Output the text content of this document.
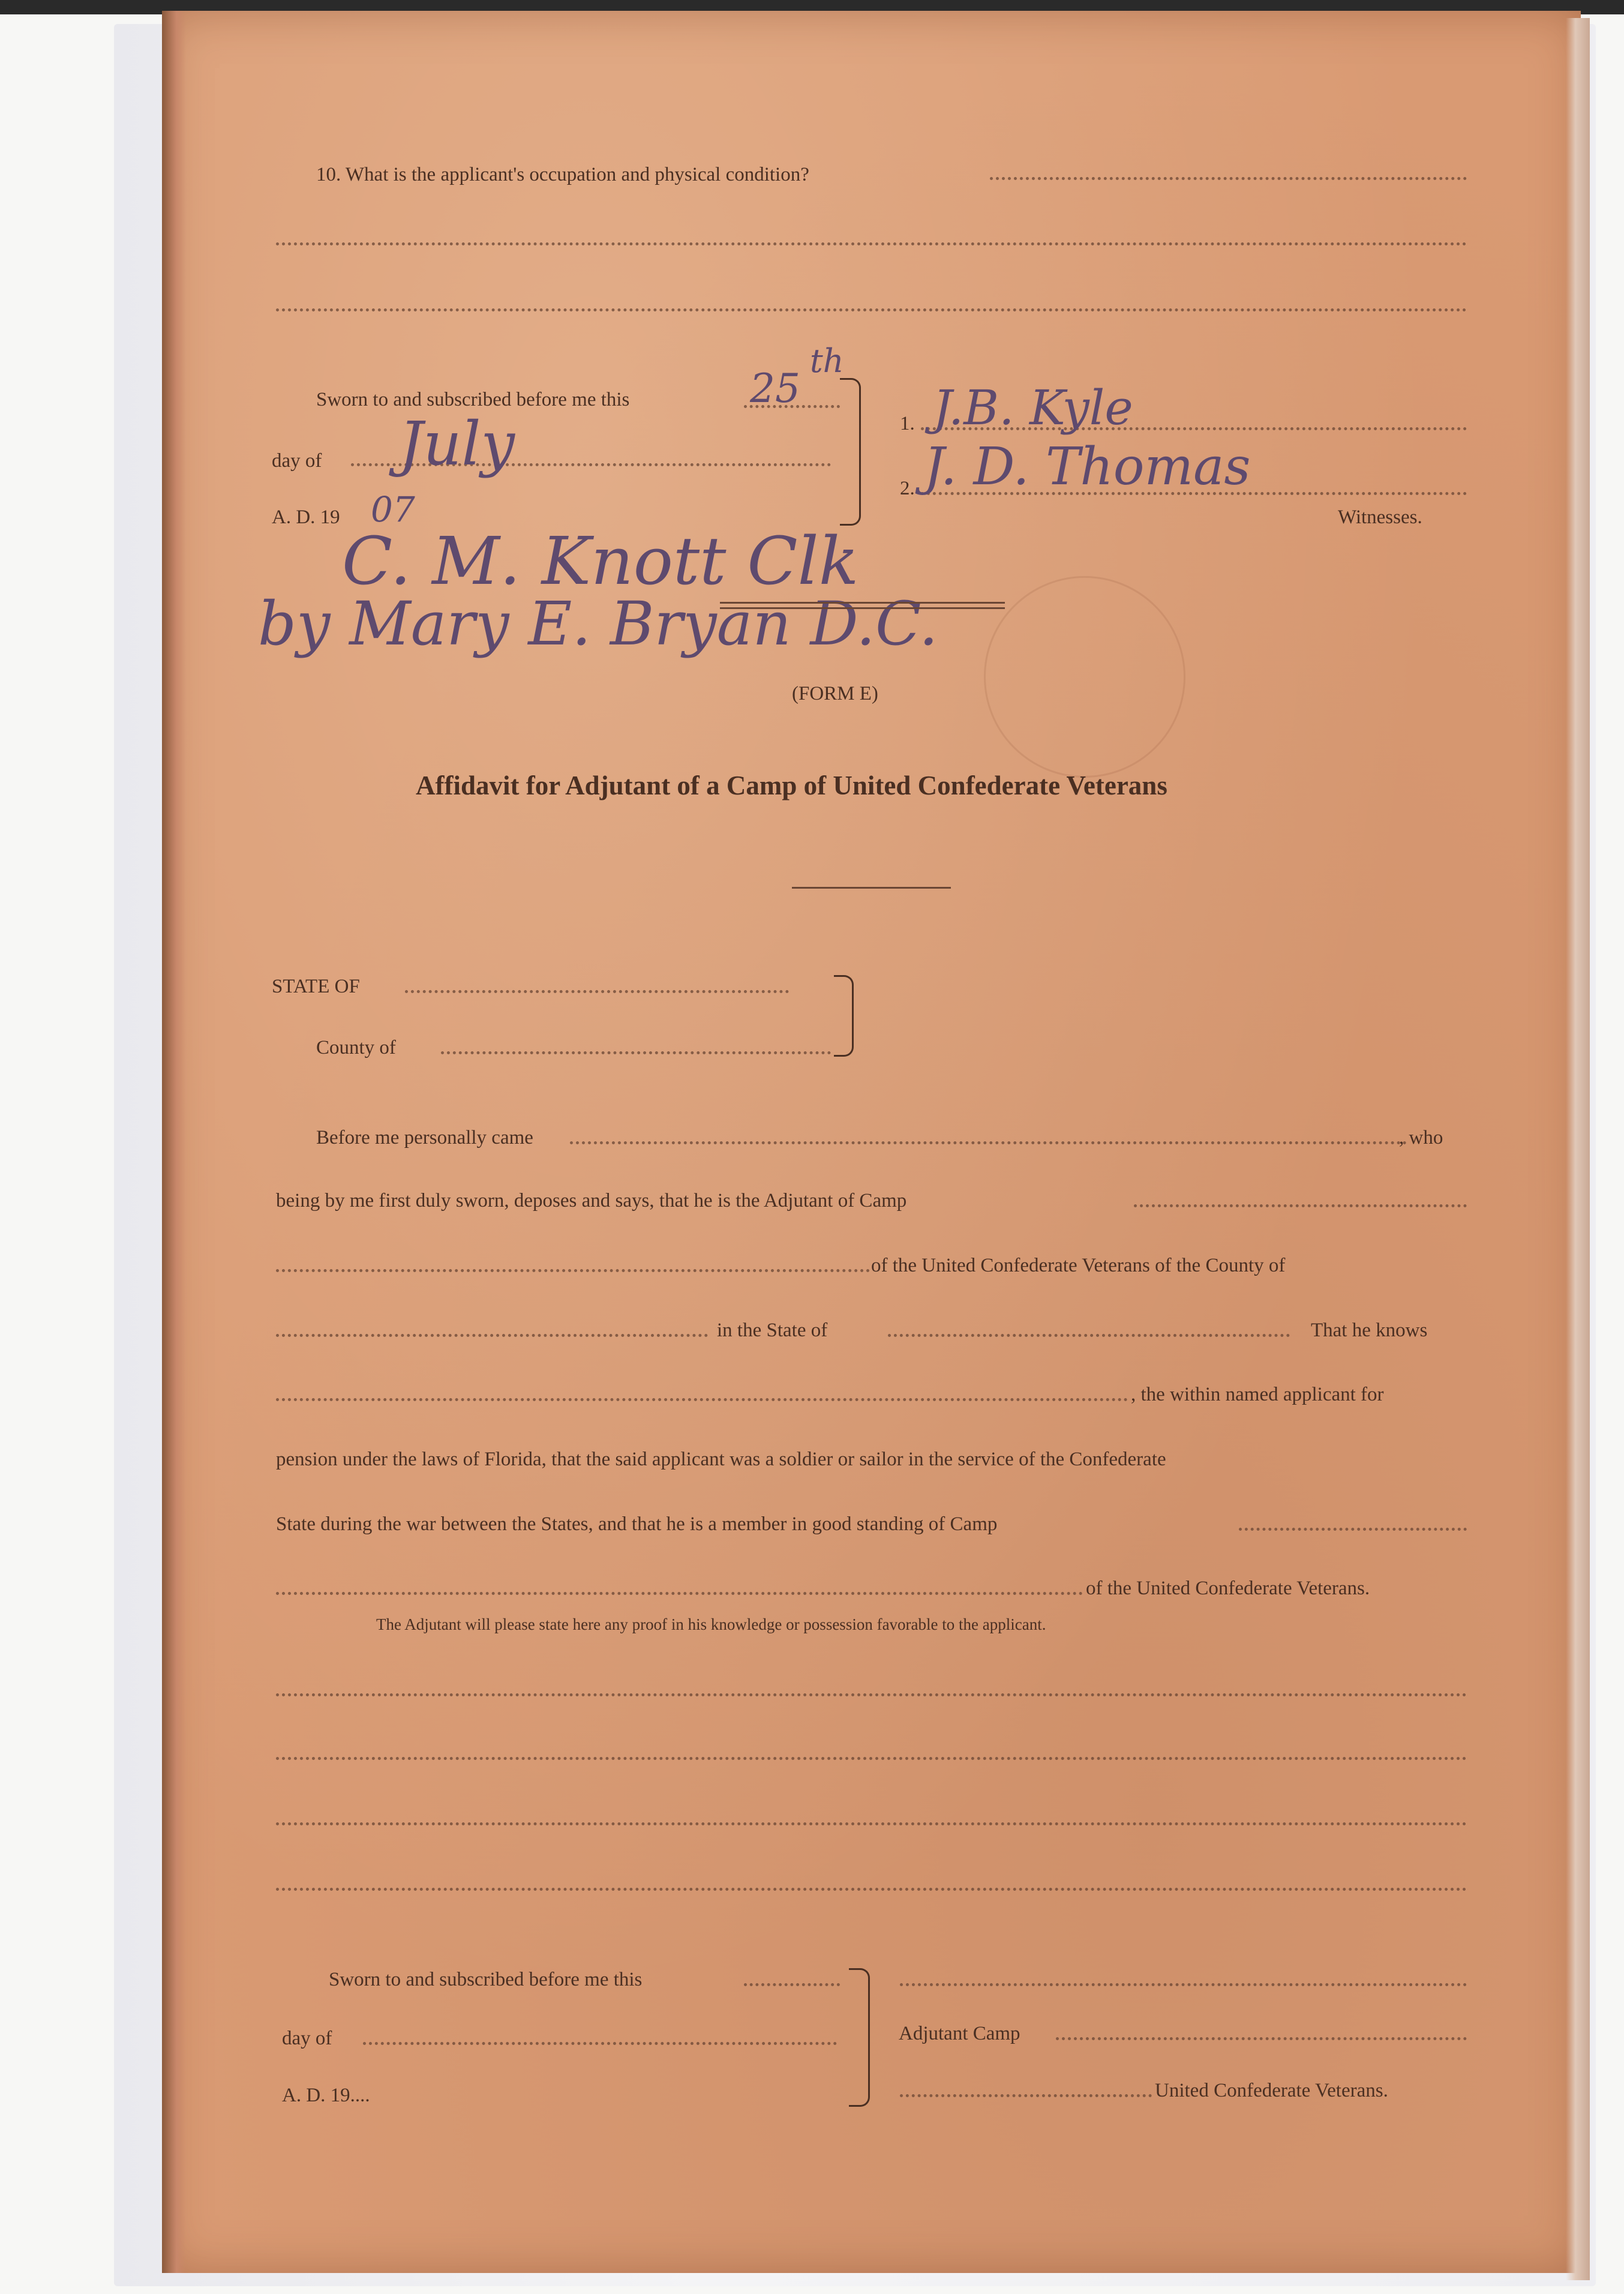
10. What is the applicant's occupation and physical condition?
Sworn to and subscribed before me this	25
th
day of July
A. D. 19 07
1. J.B. Kyle
2. J. D. Thomas
Witnesses.
C. M. Knott Clk
by Mary E. Bryan D.C.
(FORM E)
Affidavit for Adjutant of a Camp of United Confederate Veterans
STATE OF
County of
Before me personally came	, who
being by me first duly sworn, deposes and says, that he is the Adjutant of Camp
of the United Confederate Veterans of the County of
in the State of	That he knows
, the within named applicant for
pension under the laws of Florida, that the said applicant was a soldier or sailor in the service of the Confederate
State during the war between the States, and that he is a member in good standing of Camp
of the United Confederate Veterans.
The Adjutant will please state here any proof in his knowledge or possession favorable to the applicant.
Sworn to and subscribed before me this
day of
A. D. 19....
Adjutant Camp
United Confederate Veterans.
